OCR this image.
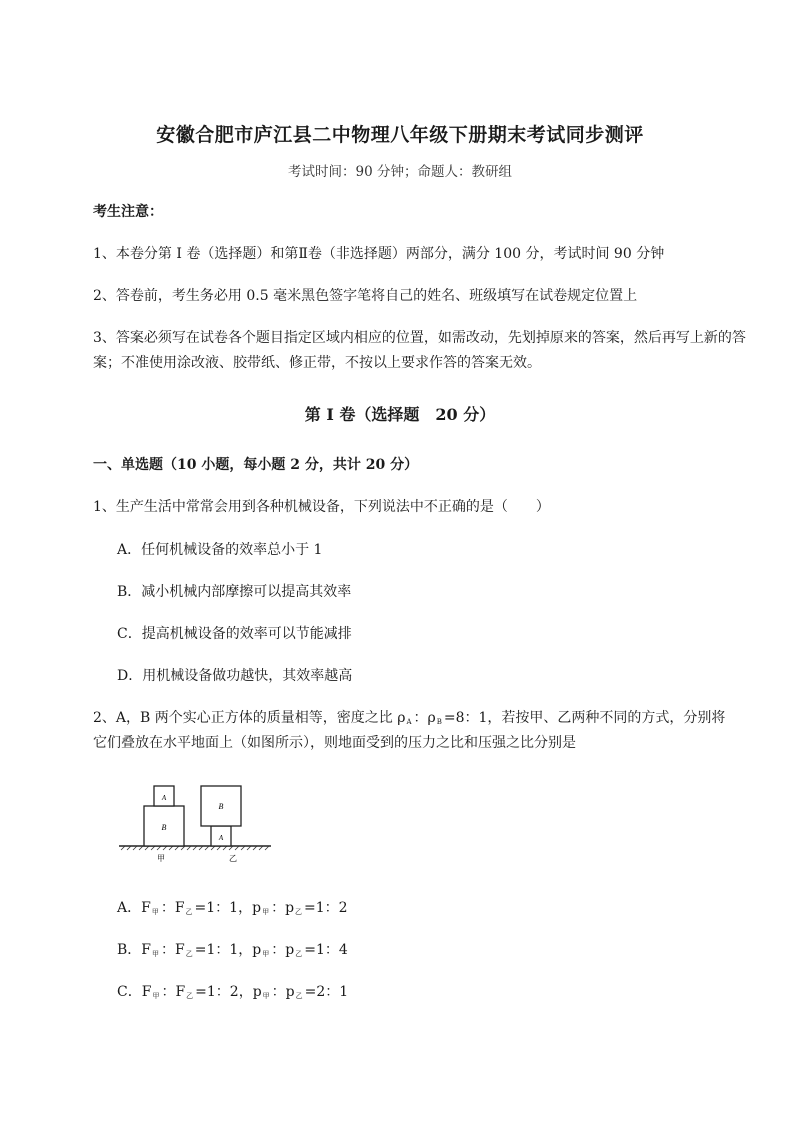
安徽合肥市庐江县二中物理八年级下册期末考试同步测评
考试时间：90 分钟；命题人：教研组
考生注意：
1、本卷分第 I 卷（选择题）和第Ⅱ卷（非选择题）两部分，满分 100 分，考试时间 90 分钟
2、答卷前，考生务必用 0.5 毫米黑色签字笔将自己的姓名、班级填写在试卷规定位置上
3、答案必须写在试卷各个题目指定区域内相应的位置，如需改动，先划掉原来的答案，然后再写上新的答案；不准使用涂改液、胶带纸、修正带，不按以上要求作答的答案无效。
第 I 卷（选择题　20 分）
一、单选题（10 小题，每小题 2 分，共计 20 分）
1、生产生活中常常会用到各种机械设备，下列说法中不正确的是（　　）
A．任何机械设备的效率总小于 1
B．减小机械内部摩擦可以提高其效率
C．提高机械设备的效率可以节能减排
D．用机械设备做功越快，其效率越高
2、A，B 两个实心正方体的质量相等，密度之比 $\rho_A$ ：$\rho_B =8$：1，若按甲、乙两种不同的方式，分别将
它们叠放在水平地面上（如图所示），则地面受到的压力之比和压强之比分别是
B
A
甲
B
A
乙
A．$F_甲$ ：$F_乙 =1$：1，$p_甲$ ：$p_乙 =1$：2
B．$F_甲$ ：$F_乙 =1$：1，$p_甲$ ：$p_乙 =1$：4
C．$F_甲$ ：$F_乙 =1$：2，$p_甲$ ：$p_乙 =2$：1
